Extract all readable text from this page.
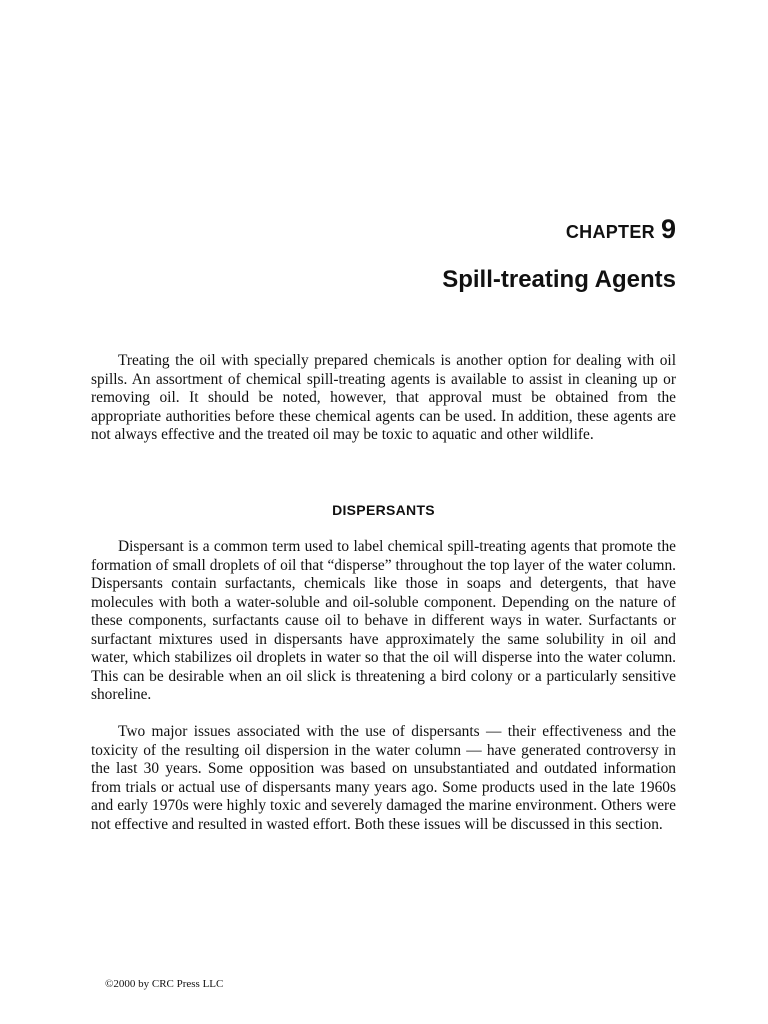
CHAPTER 9
Spill-treating Agents

Treating the oil with specially prepared chemicals is another option for dealing with oil spills. An assortment of chemical spill-treating agents is available to assist in cleaning up or removing oil. It should be noted, however, that approval must be obtained from the appropriate authorities before these chemical agents can be used. In addition, these agents are not always effective and the treated oil may be toxic to aquatic and other wildlife.

DISPERSANTS

Dispersant is a common term used to label chemical spill-treating agents that promote the formation of small droplets of oil that “disperse” throughout the top layer of the water column. Dispersants contain surfactants, chemicals like those in soaps and detergents, that have molecules with both a water-soluble and oil-soluble component. Depending on the nature of these components, surfactants cause oil to behave in different ways in water. Surfactants or surfactant mixtures used in dispersants have approximately the same solubility in oil and water, which stabilizes oil droplets in water so that the oil will disperse into the water column. This can be desirable when an oil slick is threatening a bird colony or a particularly sensitive shoreline.

Two major issues associated with the use of dispersants — their effectiveness and the toxicity of the resulting oil dispersion in the water column — have generated controversy in the last 30 years. Some opposition was based on unsubstantiated and outdated information from trials or actual use of dispersants many years ago. Some products used in the late 1960s and early 1970s were highly toxic and severely damaged the marine environment. Others were not effective and resulted in wasted effort. Both these issues will be discussed in this section.

©2000 by CRC Press LLC
